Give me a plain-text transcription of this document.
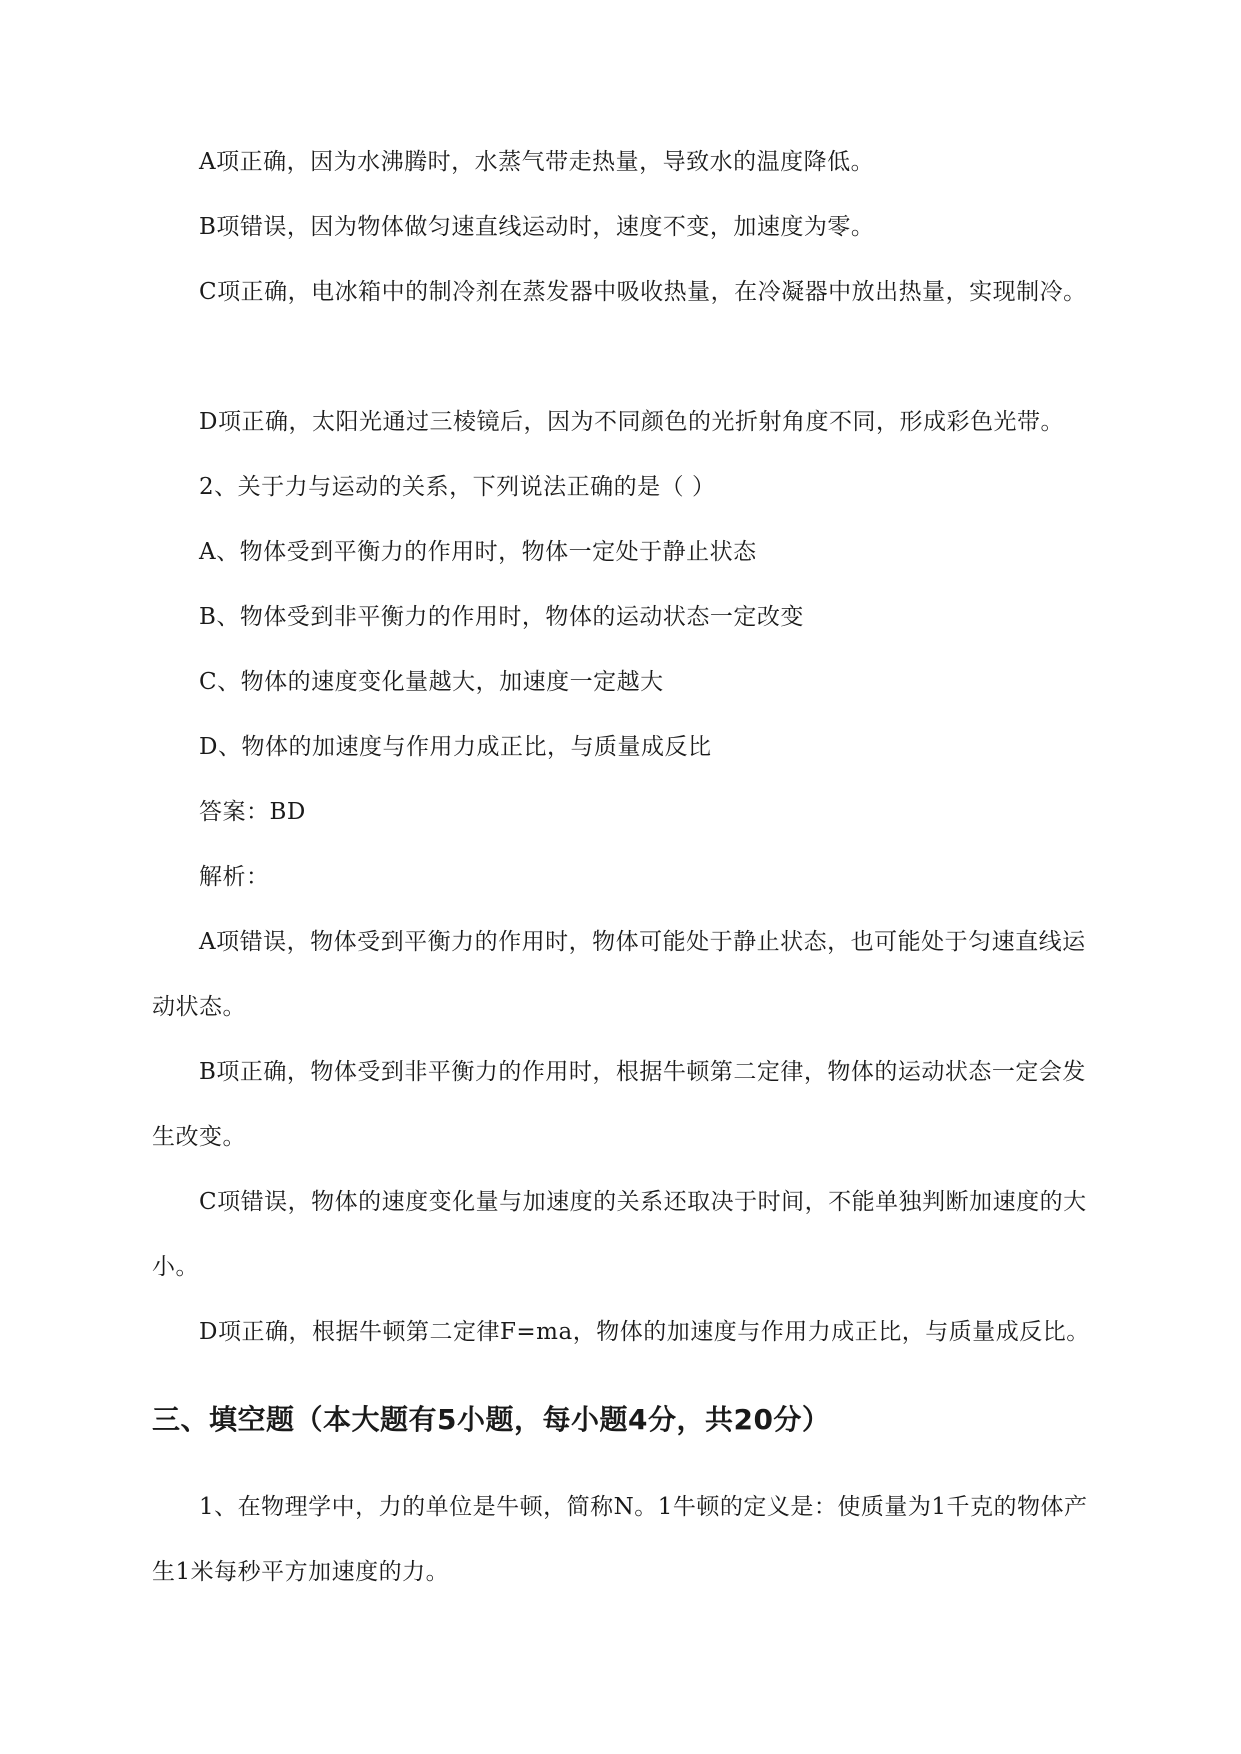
A项正确，因为水沸腾时，水蒸气带走热量，导致水的温度降低。
B项错误，因为物体做匀速直线运动时，速度不变，加速度为零。
C项正确，电冰箱中的制冷剂在蒸发器中吸收热量，在冷凝器中放出热量，实现制冷。
D项正确，太阳光通过三棱镜后，因为不同颜色的光折射角度不同，形成彩色光带。
2、关于力与运动的关系，下列说法正确的是（ ）
A、物体受到平衡力的作用时，物体一定处于静止状态
B、物体受到非平衡力的作用时，物体的运动状态一定改变
C、物体的速度变化量越大，加速度一定越大
D、物体的加速度与作用力成正比，与质量成反比
答案：BD
解析：
A项错误，物体受到平衡力的作用时，物体可能处于静止状态，也可能处于匀速直线运动状态。
B项正确，物体受到非平衡力的作用时，根据牛顿第二定律，物体的运动状态一定会发生改变。
C项错误，物体的速度变化量与加速度的关系还取决于时间，不能单独判断加速度的大小。
D项正确，根据牛顿第二定律F=ma，物体的加速度与作用力成正比，与质量成反比。
三、填空题（本大题有5小题，每小题4分，共20分）
1、在物理学中，力的单位是牛顿，简称N。1牛顿的定义是：使质量为1千克的物体产生1米每秒平方加速度的力。
